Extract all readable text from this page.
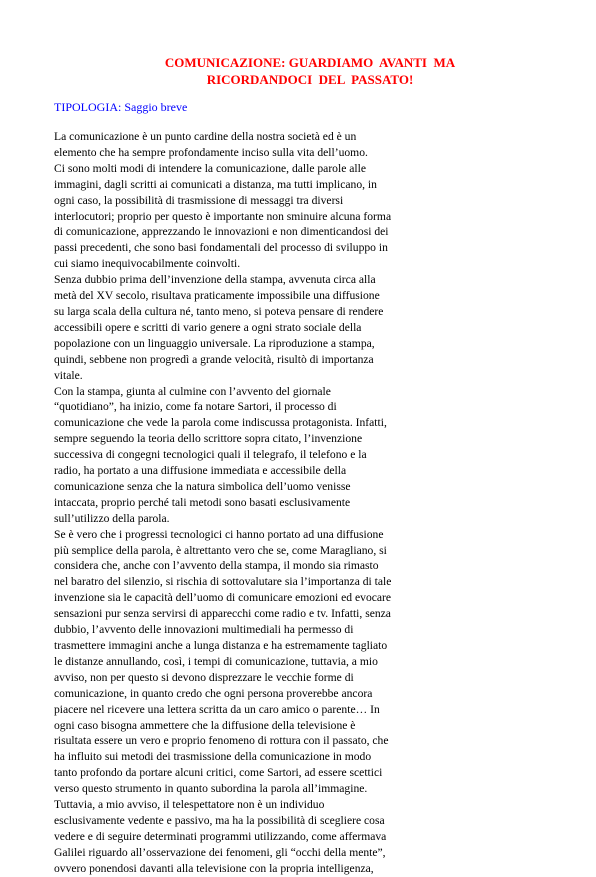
COMUNICAZIONE: GUARDIAMO  AVANTI  MA
RICORDANDOCI  DEL  PASSATO!

TIPOLOGIA: Saggio breve

La comunicazione è un punto cardine della nostra società ed è un
elemento che ha sempre profondamente inciso sulla vita dell’uomo.
Ci sono molti modi di intendere la comunicazione, dalle parole alle
immagini, dagli scritti ai comunicati a distanza, ma tutti implicano, in
ogni caso, la possibilità di trasmissione di messaggi tra diversi
interlocutori; proprio per questo è importante non sminuire alcuna forma
di comunicazione, apprezzando le innovazioni e non dimenticandosi dei
passi precedenti, che sono basi fondamentali del processo di sviluppo in
cui siamo inequivocabilmente coinvolti.
Senza dubbio prima dell’invenzione della stampa, avvenuta circa alla
metà del XV secolo, risultava praticamente impossibile una diffusione
su larga scala della cultura né, tanto meno, si poteva pensare di rendere
accessibili opere e scritti di vario genere a ogni strato sociale della
popolazione con un linguaggio universale. La riproduzione a stampa,
quindi, sebbene non progredì a grande velocità, risultò di importanza
vitale.
Con la stampa, giunta al culmine con l’avvento del giornale
“quotidiano”, ha inizio, come fa notare Sartori, il processo di
comunicazione che vede la parola come indiscussa protagonista. Infatti,
sempre seguendo la teoria dello scrittore sopra citato, l’invenzione
successiva di congegni tecnologici quali il telegrafo, il telefono e la
radio, ha portato a una diffusione immediata e accessibile della
comunicazione senza che la natura simbolica dell’uomo venisse
intaccata, proprio perché tali metodi sono basati esclusivamente
sull’utilizzo della parola.
Se è vero che i progressi tecnologici ci hanno portato ad una diffusione
più semplice della parola, è altrettanto vero che se, come Maragliano, si
considera che, anche con l’avvento della stampa, il mondo sia rimasto
nel baratro del silenzio, si rischia di sottovalutare sia l’importanza di tale
invenzione sia le capacità dell’uomo di comunicare emozioni ed evocare
sensazioni pur senza servirsi di apparecchi come radio e tv. Infatti, senza
dubbio, l’avvento delle innovazioni multimediali ha permesso di
trasmettere immagini anche a lunga distanza e ha estremamente tagliato
le distanze annullando, così, i tempi di comunicazione, tuttavia, a mio
avviso, non per questo si devono disprezzare le vecchie forme di
comunicazione, in quanto credo che ogni persona proverebbe ancora
piacere nel ricevere una lettera scritta da un caro amico o parente… In
ogni caso bisogna ammettere che la diffusione della televisione è
risultata essere un vero e proprio fenomeno di rottura con il passato, che
ha influito sui metodi dei trasmissione della comunicazione in modo
tanto profondo da portare alcuni critici, come Sartori, ad essere scettici
verso questo strumento in quanto subordina la parola all’immagine.
Tuttavia, a mio avviso, il telespettatore non è un individuo
esclusivamente vedente e passivo, ma ha la possibilità di scegliere cosa
vedere e di seguire determinati programmi utilizzando, come affermava
Galilei riguardo all’osservazione dei fenomeni, gli “occhi della mente”,
ovvero ponendosi davanti alla televisione con la propria intelligenza,
